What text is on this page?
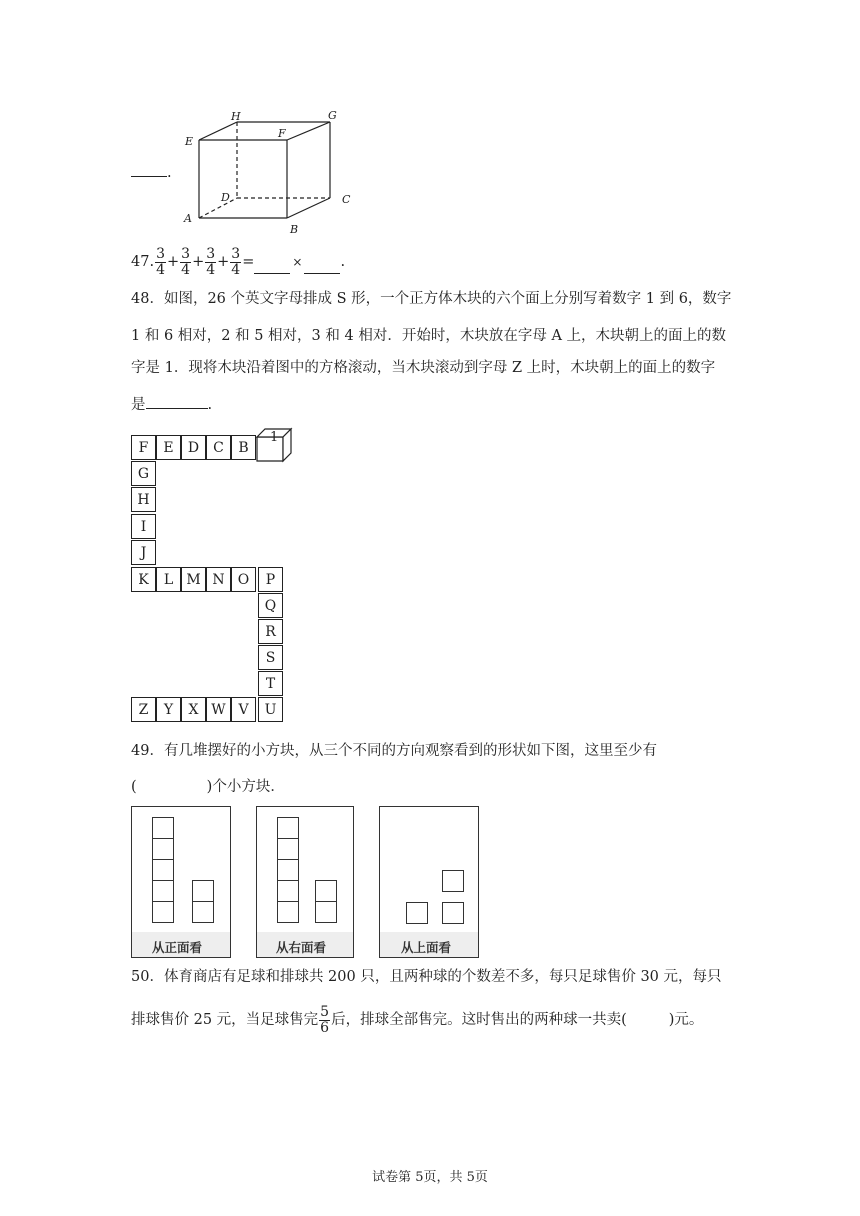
.
H	G
E
F
D	C
A
B
47. $\frac{3}{4} + \frac{3}{4} + \frac{3}{4} + \frac{3}{4}$ =	×	.
48．如图，26 个英文字母排成 S 形，一个正方体木块的六个面上分别写着数字 1 到 6，数字
1 和 6 相对，2 和 5 相对，3 和 4 相对．开始时，木块放在字母 A 上，木块朝上的面上的数
字是 1．现将木块沿着图中的方格滚动，当木块滚动到字母 Z 上时，木块朝上的面上的数字
是	.
F	E	D	C	B
1
G
H
I
J
K	L M N O	P
Q
R
S
T
Z	Y	X W V	U
49．有几堆摆好的小方块，从三个不同的方向观察看到的形状如下图，这里至少有
(	)个小方块．
从正面看	从右面看	从上面看
50．体育商店有足球和排球共 200 只，且两种球的个数差不多，每只足球售价 30 元，每只
排球售价 25 元，当足球售完 $\frac{5}{6}$ 后，排球全部售完。这时售出的两种球一共卖(	)元。
试卷第 5页，共 5页
